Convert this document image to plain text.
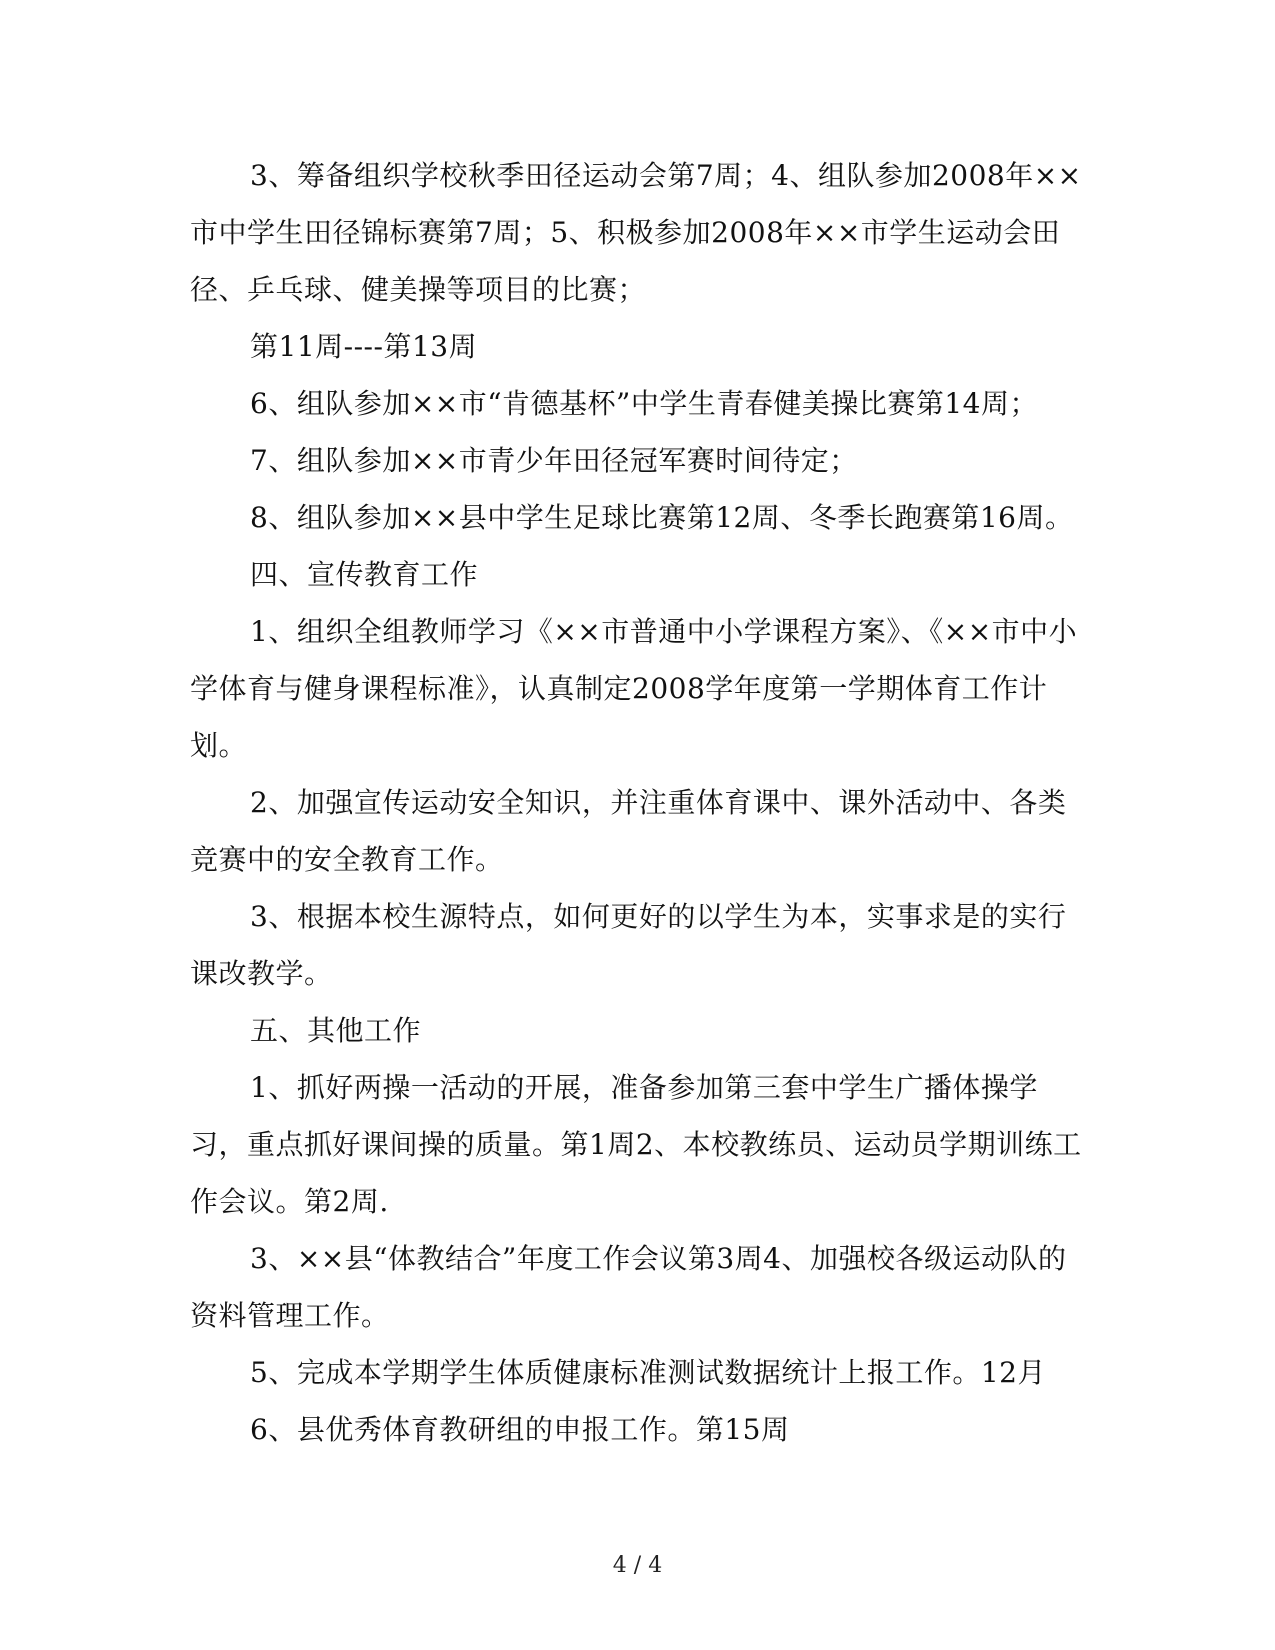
3、筹备组织学校秋季田径运动会第7周；4、组队参加2008年××市中学生田径锦标赛第7周；5、积极参加2008年××市学生运动会田径、乒乓球、健美操等项目的比赛；

第11周----第13周

6、组队参加××市“肯德基杯”中学生青春健美操比赛第14周；

7、组队参加××市青少年田径冠军赛时间待定；

8、组队参加××县中学生足球比赛第12周、冬季长跑赛第16周。

四、宣传教育工作

1、组织全组教师学习《××市普通中小学课程方案》、《××市中小学体育与健身课程标准》，认真制定2008学年度第一学期体育工作计划。

2、加强宣传运动安全知识，并注重体育课中、课外活动中、各类竞赛中的安全教育工作。

3、根据本校生源特点，如何更好的以学生为本，实事求是的实行课改教学。

五、其他工作

1、抓好两操一活动的开展，准备参加第三套中学生广播体操学习，重点抓好课间操的质量。第1周2、本校教练员、运动员学期训练工作会议。第2周.

3、××县“体教结合”年度工作会议第3周4、加强校各级运动队的资料管理工作。

5、完成本学期学生体质健康标准测试数据统计上报工作。12月

6、县优秀体育教研组的申报工作。第15周

4 / 4
